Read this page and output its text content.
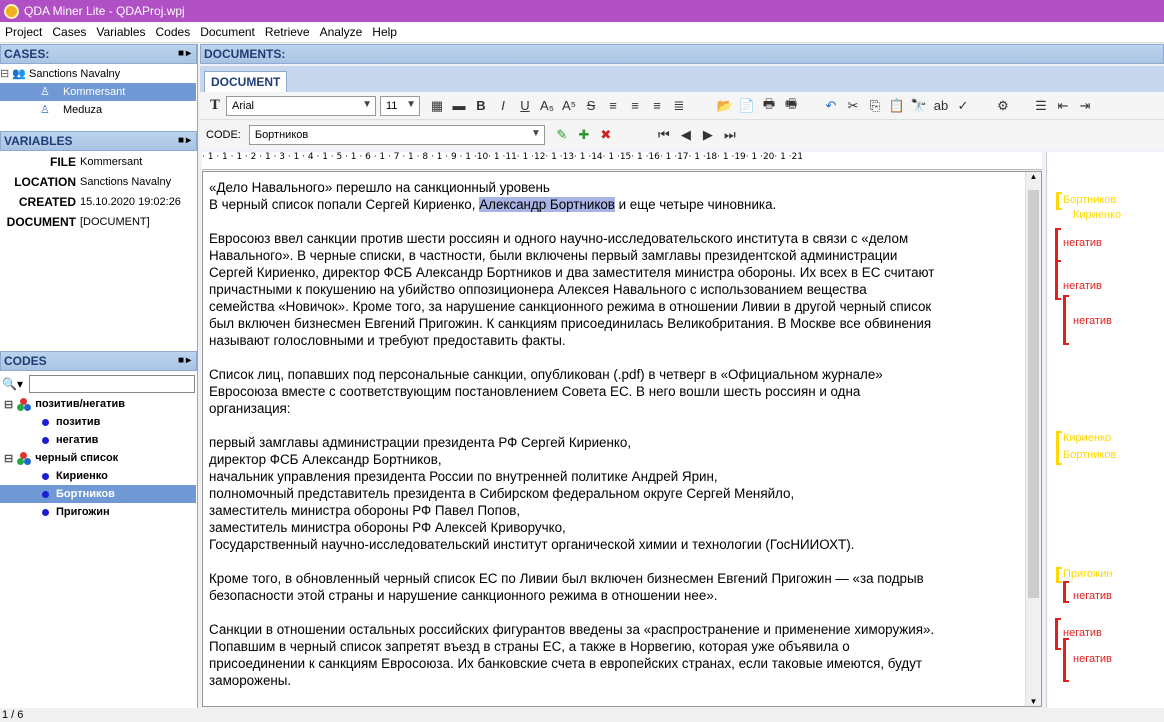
QDA Miner Lite - QDAProj.wpj
Project Cases Variables Codes Document Retrieve Analyze Help
CASES:	■▸
⊟ 👥 Sanctions Navalny
♙ Kommersant
♙ Meduza
VARIABLES	■▸
FILE Kommersant
LOCATION Sanctions Navalny
CREATED 15.10.2020 19:02:26
DOCUMENT [DOCUMENT]
CODES	■▸
🔍▾
⊟ позитив/негатив
позитив
негатив
⊟ черный список
Кириенко
Бортников
Пригожин
DOCUMENTS:
DOCUMENT
T	Arial	▼ 11 ▼	▦ ▬ B	I	U A₅ A⁵ S	≡	≡	≡ ≣	📂 📄 🖶 🖷	↶ ✂ ⎘ 📋 🔭 ab ✓	⚙	☰ ⇤ ⇥
CODE: Бортников	▼	✎ ✚ ✖	⏮ ◀ ▶ ⏭
· 1 · 1 · 1 · 2 · 1 · 3 · 1 · 4 · 1 · 5 · 1 · 6 · 1 · 7 · 1 · 8 · 1 · 9 · 1 ·10· 1 ·11· 1 ·12· 1 ·13· 1 ·14· 1 ·15· 1 ·16· 1 ·17· 1 ·18· 1 ·19· 1 ·20· 1 ·21
«Дело Навального» перешло на санкционный уровень
В черный список попали Сергей Кириенко, Александр Бортников и еще четыре чиновника.

Евросоюз ввел санкции против шести россиян и одного научно-исследовательского института в связи с «делом
Навального». В черные списки, в частности, были включены первый замглавы президентской администрации
Сергей Кириенко, директор ФСБ Александр Бортников и два заместителя министра обороны. Их всех в ЕС считают
причастными к покушению на убийство оппозиционера Алексея Навального с использованием вещества
семейства «Новичок». Кроме того, за нарушение санкционного режима в отношении Ливии в другой черный список
был включен бизнесмен Евгений Пригожин. К санкциям присоединилась Великобритания. В Москве все обвинения
называют голословными и требуют предоставить факты.

Список лиц, попавших под персональные санкции, опубликован (.pdf) в четверг в «Официальном журнале»
Евросоюза вместе с соответствующим постановлением Совета ЕС. В него вошли шесть россиян и одна
организация:

первый замглавы администрации президента РФ Сергей Кириенко,
директор ФСБ Александр Бортников,
начальник управления президента России по внутренней политике Андрей Ярин,
полномочный представитель президента в Сибирском федеральном округе Сергей Меняйло,
заместитель министра обороны РФ Павел Попов,
заместитель министра обороны РФ Алексей Криворучко,
Государственный научно-исследовательский институт органической химии и технологии (ГосНИИОХТ).

Кроме того, в обновленный черный список ЕС по Ливии был включен бизнесмен Евгений Пригожин — «за подрыв
безопасности этой страны и нарушение санкционного режима в отношении нее».

Санкции в отношении остальных российских фигурантов введены за «распространение и применение химоружия».
Попавшим в черный список запретят въезд в страны ЕС, а также в Норвегию, которая уже объявила о
присоединении к санкциям Евросоюза. Их банковские счета в европейских странах, если таковые имеются, будут
заморожены.
▲
▼
Бортников
Кириенко
негатив
негатив
негатив
Кириенко
Бортников
Пригожин
негатив
негатив
негатив
1 / 6
